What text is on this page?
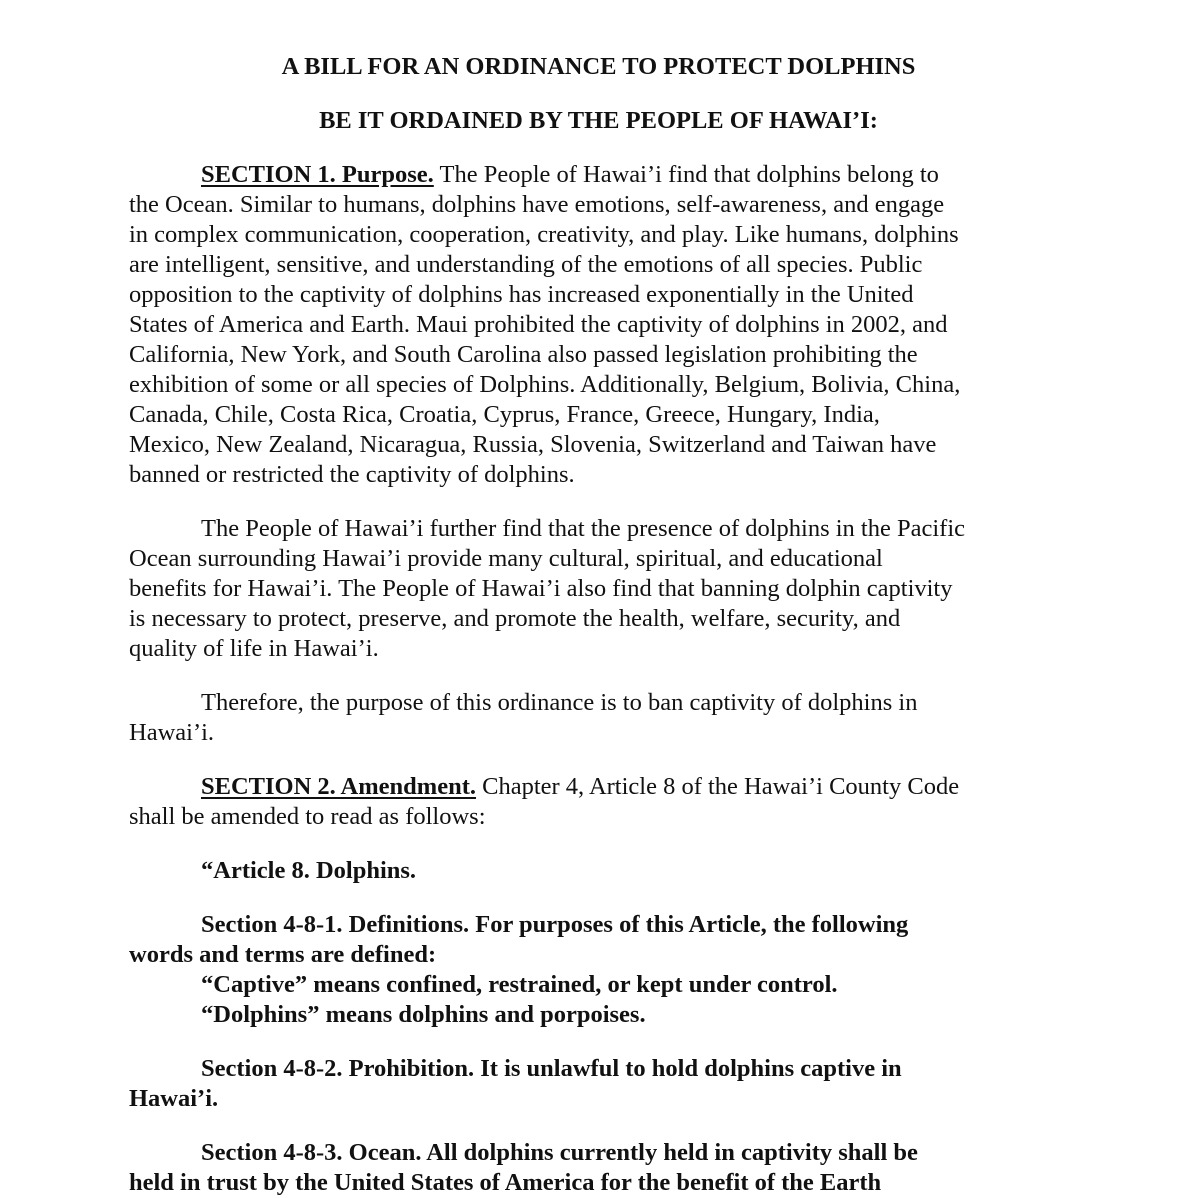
A BILL FOR AN ORDINANCE TO PROTECT DOLPHINS
BE IT ORDAINED BY THE PEOPLE OF HAWAI’I:
SECTION 1. Purpose. The People of Hawai’i find that dolphins belong to
the Ocean. Similar to humans, dolphins have emotions, self-awareness, and engage
in complex communication, cooperation, creativity, and play. Like humans, dolphins
are intelligent, sensitive, and understanding of the emotions of all species. Public
opposition to the captivity of dolphins has increased exponentially in the United
States of America and Earth. Maui prohibited the captivity of dolphins in 2002, and
California, New York, and South Carolina also passed legislation prohibiting the
exhibition of some or all species of Dolphins. Additionally, Belgium, Bolivia, China,
Canada, Chile, Costa Rica, Croatia, Cyprus, France, Greece, Hungary, India,
Mexico, New Zealand, Nicaragua, Russia, Slovenia, Switzerland and Taiwan have
banned or restricted the captivity of dolphins.
The People of Hawai’i further find that the presence of dolphins in the Pacific
Ocean surrounding Hawai’i provide many cultural, spiritual, and educational
benefits for Hawai’i. The People of Hawai’i also find that banning dolphin captivity
is necessary to protect, preserve, and promote the health, welfare, security, and
quality of life in Hawai’i.
Therefore, the purpose of this ordinance is to ban captivity of dolphins in
Hawai’i.
SECTION 2. Amendment. Chapter 4, Article 8 of the Hawai’i County Code
shall be amended to read as follows:
“Article 8. Dolphins.
Section 4-8-1. Definitions. For purposes of this Article, the following
words and terms are defined:
“Captive” means confined, restrained, or kept under control.
“Dolphins” means dolphins and porpoises.
Section 4-8-2. Prohibition. It is unlawful to hold dolphins captive in
Hawai’i.
Section 4-8-3. Ocean. All dolphins currently held in captivity shall be
held in trust by the United States of America for the benefit of the Earth
